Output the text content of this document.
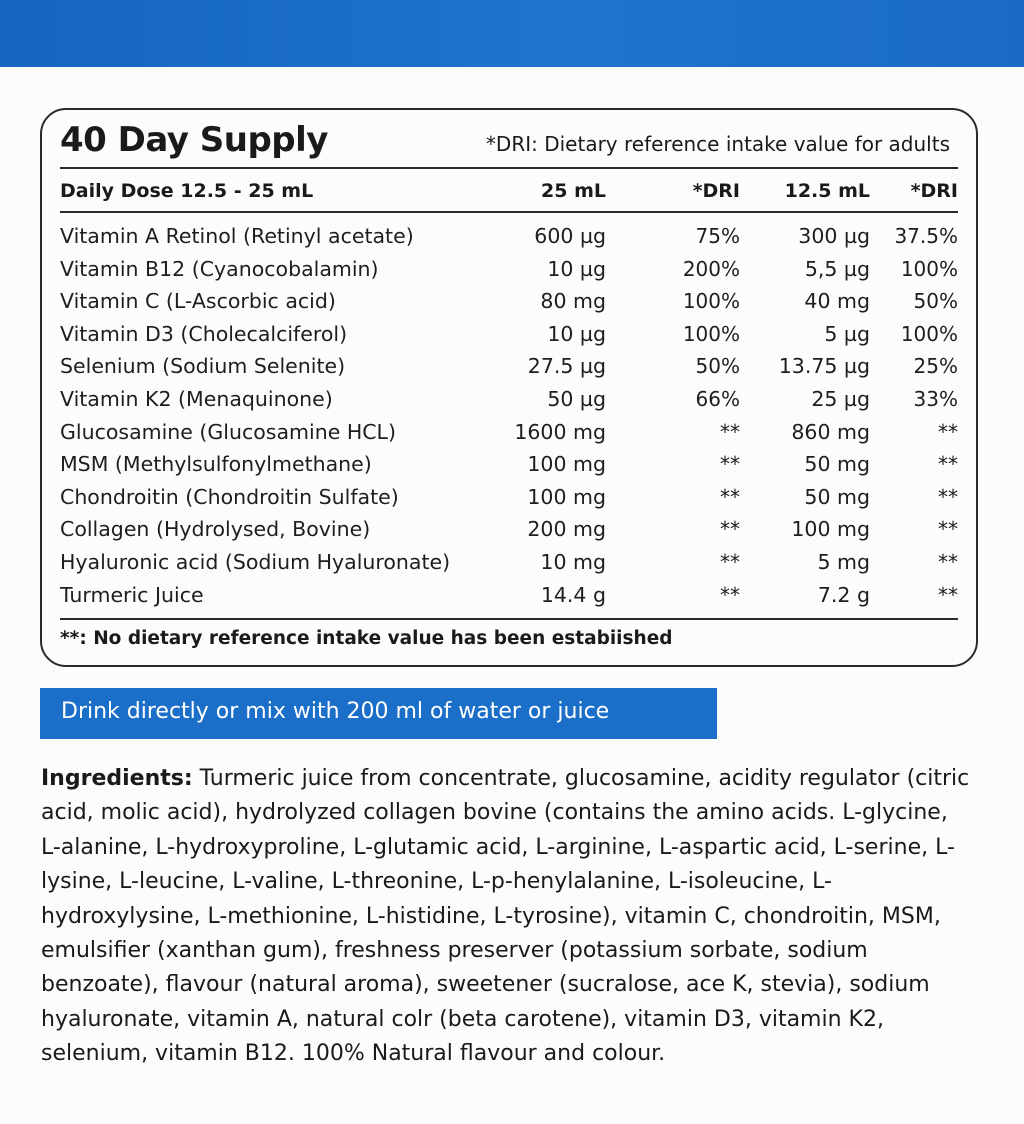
40 Day Supply	*DRI: Dietary reference intake value for adults
Daily Dose 12.5 - 25 mL	25 mL	*DRI 12.5 mL *DRI
Vitamin A Retinol (Retinyl acetate)	600 µg	75%	300 µg 37.5%
Vitamin B12 (Cyanocobalamin)	10 µg	200%	5,5 µg 100%
Vitamin C (L-Ascorbic acid)	80 mg	100%	40 mg 50%
Vitamin D3 (Cholecalciferol)	10 µg	100%	5 µg 100%
Selenium (Sodium Selenite)	27.5 µg	50% 13.75 µg 25%
Vitamin K2 (Menaquinone)	50 µg	66%	25 µg 33%
Glucosamine (Glucosamine HCL)	1600 mg	**	860 mg	**
MSM (Methylsulfonylmethane)	100 mg	**	50 mg	**
Chondroitin (Chondroitin Sulfate)	100 mg	**	50 mg	**
Collagen (Hydrolysed, Bovine)	200 mg	**	100 mg	**
Hyaluronic acid (Sodium Hyaluronate)	10 mg	**	5 mg	**
Turmeric Juice	14.4 g	**	7.2 g	**
**: No dietary reference intake value has been estabiished
Drink directly or mix with 200 ml of water or juice
Ingredients: Turmeric juice from concentrate, glucosamine, acidity regulator (citric acid, molic acid), hydrolyzed collagen bovine (contains the amino acids. L-glycine, L-alanine, L-hydroxyproline, L-glutamic acid, L-arginine, L-aspartic acid, L-serine, L-lysine, L-leucine, L-valine, L-threonine, L-p-henylalanine, L-isoleucine, L-hydroxylysine, L-methionine, L-histidine, L-tyrosine), vitamin C, chondroitin, MSM, emulsifier (xanthan gum), freshness preserver (potassium sorbate, sodium benzoate), flavour (natural aroma), sweetener (sucralose, ace K, stevia), sodium hyaluronate, vitamin A, natural colr (beta carotene), vitamin D3, vitamin K2, selenium, vitamin B12. 100% Natural flavour and colour.
